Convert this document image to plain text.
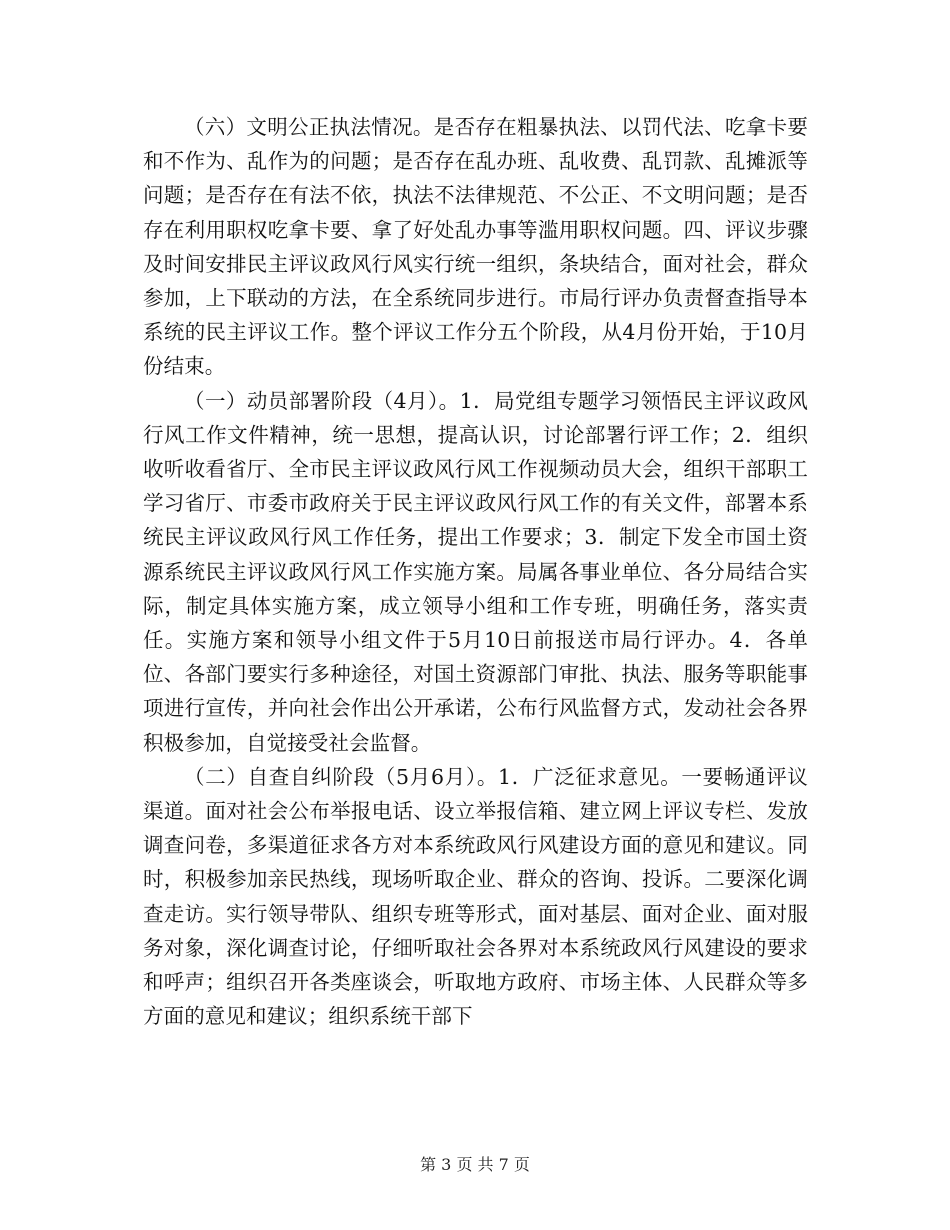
（六）文明公正执法情况。是否存在粗暴执法、以罚代法、吃拿卡要和不作为、乱作为的问题；是否存在乱办班、乱收费、乱罚款、乱摊派等问题；是否存在有法不依，执法不法律规范、不公正、不文明问题；是否存在利用职权吃拿卡要、拿了好处乱办事等滥用职权问题。四、评议步骤及时间安排民主评议政风行风实行统一组织，条块结合，面对社会，群众参加，上下联动的方法，在全系统同步进行。市局行评办负责督查指导本系统的民主评议工作。整个评议工作分五个阶段，从4月份开始，于10月份结束。

（一）动员部署阶段（4月）。1．局党组专题学习领悟民主评议政风行风工作文件精神，统一思想，提高认识，讨论部署行评工作；2．组织收听收看省厅、全市民主评议政风行风工作视频动员大会，组织干部职工学习省厅、市委市政府关于民主评议政风行风工作的有关文件，部署本系统民主评议政风行风工作任务，提出工作要求；3．制定下发全市国土资源系统民主评议政风行风工作实施方案。局属各事业单位、各分局结合实际，制定具体实施方案，成立领导小组和工作专班，明确任务，落实责任。实施方案和领导小组文件于5月10日前报送市局行评办。4．各单位、各部门要实行多种途径，对国土资源部门审批、执法、服务等职能事项进行宣传，并向社会作出公开承诺，公布行风监督方式，发动社会各界积极参加，自觉接受社会监督。

（二）自查自纠阶段（5月6月）。1．广泛征求意见。一要畅通评议渠道。面对社会公布举报电话、设立举报信箱、建立网上评议专栏、发放调查问卷，多渠道征求各方对本系统政风行风建设方面的意见和建议。同时，积极参加亲民热线，现场听取企业、群众的咨询、投诉。二要深化调查走访。实行领导带队、组织专班等形式，面对基层、面对企业、面对服务对象，深化调查讨论，仔细听取社会各界对本系统政风行风建设的要求和呼声；组织召开各类座谈会，听取地方政府、市场主体、人民群众等多方面的意见和建议；组织系统干部下

第 3 页 共 7 页
